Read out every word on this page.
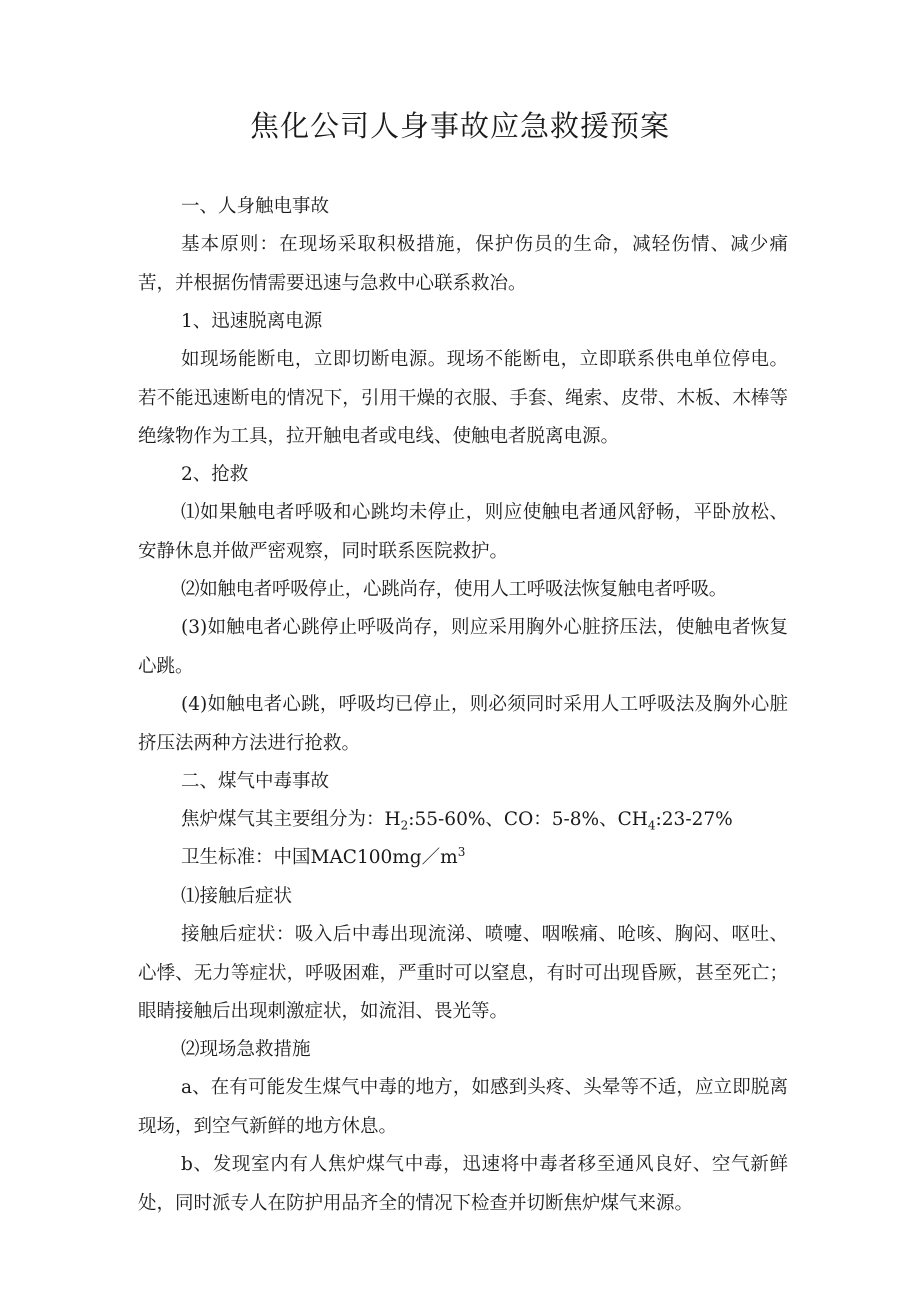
焦化公司人身事故应急救援预案

一、人身触电事故

基本原则：在现场采取积极措施，保护伤员的生命，减轻伤情、减少痛苦，并根据伤情需要迅速与急救中心联系救冶。

1、迅速脱离电源

如现场能断电，立即切断电源。现场不能断电，立即联系供电单位停电。若不能迅速断电的情况下，引用干燥的衣服、手套、绳索、皮带、木板、木棒等绝缘物作为工具，拉开触电者或电线、使触电者脱离电源。

2、抢救

⑴如果触电者呼吸和心跳均未停止，则应使触电者通风舒畅，平卧放松、安静休息并做严密观察，同时联系医院救护。

⑵如触电者呼吸停止，心跳尚存，使用人工呼吸法恢复触电者呼吸。

(3)如触电者心跳停止呼吸尚存，则应采用胸外心脏挤压法，使触电者恢复心跳。

(4)如触电者心跳，呼吸均已停止，则必须同时采用人工呼吸法及胸外心脏挤压法两种方法进行抢救。

二、煤气中毒事故

焦炉煤气其主要组分为：$H_2:55-60\%$、CO：5-8%、$CH_4:23-27\%$

卫生标准：中国$MAC100mg/m^3$

⑴接触后症状

接触后症状：吸入后中毒出现流涕、喷嚏、咽喉痛、呛咳、胸闷、呕吐、心悸、无力等症状，呼吸困难，严重时可以窒息，有时可出现昏厥，甚至死亡；眼睛接触后出现刺激症状，如流泪、畏光等。

⑵现场急救措施

a、在有可能发生煤气中毒的地方，如感到头疼、头晕等不适，应立即脱离现场，到空气新鲜的地方休息。

b、发现室内有人焦炉煤气中毒，迅速将中毒者移至通风良好、空气新鲜处，同时派专人在防护用品齐全的情况下检查并切断焦炉煤气来源。
